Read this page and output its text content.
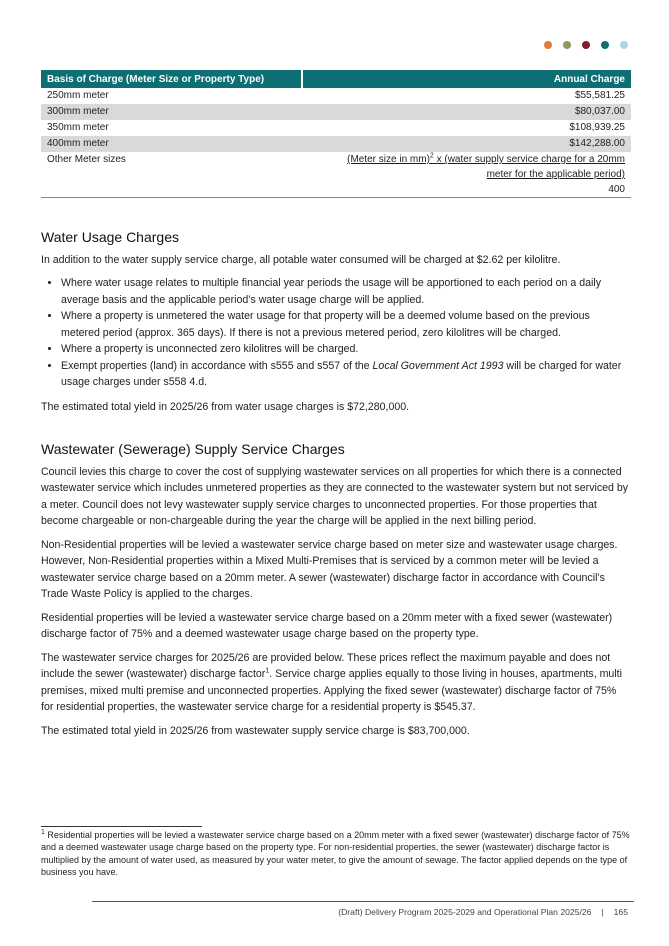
Basis of Charge (Meter Size or Property Type)	Annual Charge
250mm meter	$55,581.25
300mm meter	$80,037.00
350mm meter	$108,939.25
400mm meter	$142,288.00
Other Meter sizes	(Meter size in mm)$^2$ x (water supply service charge for a 20mm
meter for the applicable period)
400
Water Usage Charges

In addition to the water supply service charge, all potable water consumed will be charged at $2.62 per kilolitre.

• Where water usage relates to multiple financial year periods the usage will be apportioned to each period on a daily average basis and the applicable period’s water usage charge will be applied.
• Where a property is unmetered the water usage for that property will be a deemed volume based on the previous metered period (approx. 365 days). If there is not a previous metered period, zero kilolitres will be charged.
• Where a property is unconnected zero kilolitres will be charged.
• Exempt properties (land) in accordance with s555 and s557 of the Local Government Act 1993 will be charged for water usage charges under s558 4.d.

The estimated total yield in 2025/26 from water usage charges is $72,280,000.

Wastewater (Sewerage) Supply Service Charges

Council levies this charge to cover the cost of supplying wastewater services on all properties for which there is a connected wastewater service which includes unmetered properties as they are connected to the wastewater system but not serviced by a meter. Council does not levy wastewater supply service charges to unconnected properties. For those properties that become chargeable or non-chargeable during the year the charge will be applied in the next billing period.

Non-Residential properties will be levied a wastewater service charge based on meter size and wastewater usage charges. However, Non-Residential properties within a Mixed Multi-Premises that is serviced by a common meter will be levied a wastewater service charge based on a 20mm meter. A sewer (wastewater) discharge factor in accordance with Council’s Trade Waste Policy is applied to the charges.

Residential properties will be levied a wastewater service charge based on a 20mm meter with a fixed sewer (wastewater) discharge factor of 75% and a deemed wastewater usage charge based on the property type.

The wastewater service charges for 2025/26 are provided below. These prices reflect the maximum payable and does not include the sewer (wastewater) discharge factor$^1$. Service charge applies equally to those living in houses, apartments, multi premises, mixed multi premise and unconnected properties. Applying the fixed sewer (wastewater) discharge factor of 75% for residential properties, the wastewater service charge for a residential property is $545.37.

The estimated total yield in 2025/26 from wastewater supply service charge is $83,700,000.

$^1$ Residential properties will be levied a wastewater service charge based on a 20mm meter with a fixed sewer (wastewater) discharge factor of 75% and a deemed wastewater usage charge based on the property type. For non-residential properties, the sewer (wastewater) discharge factor is multiplied by the amount of water used, as measured by your water meter, to give the amount of sewage. The factor applied depends on the type of business you have.
(Draft) Delivery Program 2025-2029 and Operational Plan 2025/26 | 165
